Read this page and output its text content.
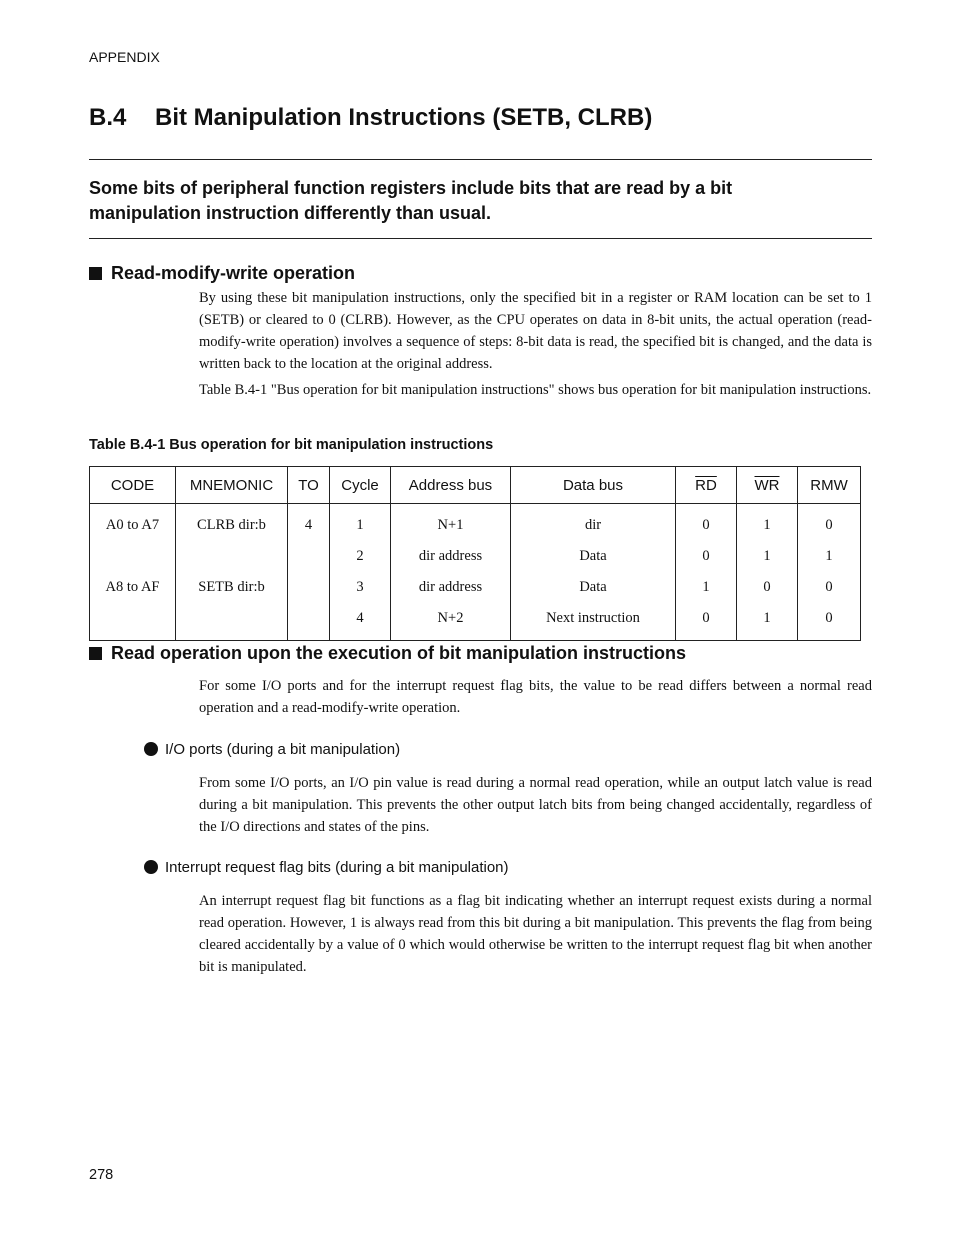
APPENDIX
B.4 Bit Manipulation Instructions (SETB, CLRB)
Some bits of peripheral function registers include bits that are read by a bit manipulation instruction differently than usual.
Read-modify-write operation
By using these bit manipulation instructions, only the specified bit in a register or RAM location can be set to 1 (SETB) or cleared to 0 (CLRB). However, as the CPU operates on data in 8-bit units, the actual operation (read-modify-write operation) involves a sequence of steps: 8-bit data is read, the specified bit is changed, and the data is written back to the location at the original address.
Table B.4-1 "Bus operation for bit manipulation instructions" shows bus operation for bit manipulation instructions.
Table B.4-1 Bus operation for bit manipulation instructions
CODE	MNEMONIC	TO	Cycle	Address bus	Data bus	$\overline{RD}$	$\overline{WR}$	RMW
A0 to A7	CLRB dir:b	4	1	N+1	dir	0	1	0
			2	dir address	Data	0	1	1
A8 to AF	SETB dir:b		3	dir address	Data	1	0	0
			4	N+2	Next instruction	0	1	0
Read operation upon the execution of bit manipulation instructions
For some I/O ports and for the interrupt request flag bits, the value to be read differs between a normal read operation and a read-modify-write operation.
I/O ports (during a bit manipulation)
From some I/O ports, an I/O pin value is read during a normal read operation, while an output latch value is read during a bit manipulation. This prevents the other output latch bits from being changed accidentally, regardless of the I/O directions and states of the pins.
Interrupt request flag bits (during a bit manipulation)
An interrupt request flag bit functions as a flag bit indicating whether an interrupt request exists during a normal read operation. However, 1 is always read from this bit during a bit manipulation. This prevents the flag from being cleared accidentally by a value of 0 which would otherwise be written to the interrupt request flag bit when another bit is manipulated.
278
